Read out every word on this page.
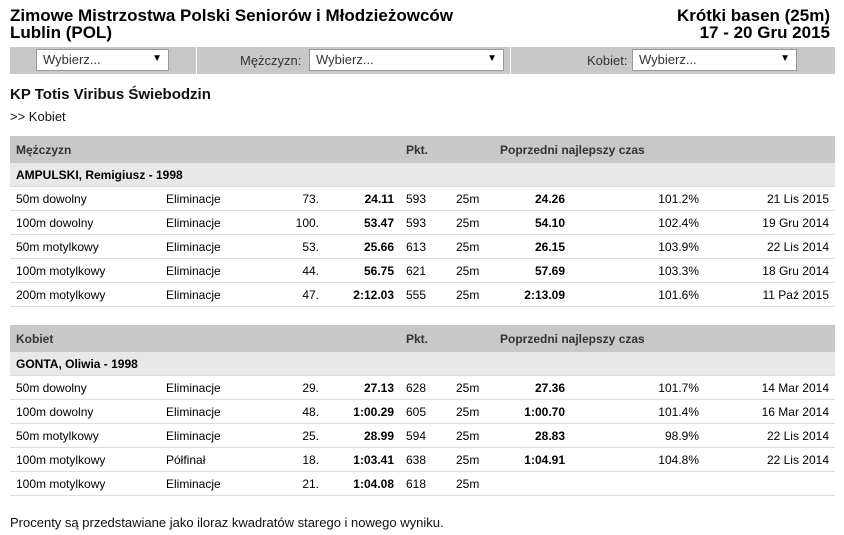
Zimowe Mistrzostwa Polski Seniorów i Młodzieżowców
Lublin (POL)
Krótki basen (25m)
17 - 20 Gru 2015
Wybierz...	▼	Mężczyzn:	Wybierz...	▼	Kobiet: Wybierz...	▼
KP Totis Viribus Świebodzin
>> Kobiet
Mężczyzn				Pkt.	Poprzedni najlepszy czas			
AMPULSKI, Remigiusz - 1998								
50m dowolny	Eliminacje	73.	24.11	593	25m	24.26	101.2%	21 Lis 2015
100m dowolny	Eliminacje	100.	53.47	593	25m	54.10	102.4%	19 Gru 2014
50m motylkowy	Eliminacje	53.	25.66	613	25m	26.15	103.9%	22 Lis 2014
100m motylkowy	Eliminacje	44.	56.75	621	25m	57.69	103.3%	18 Gru 2014
200m motylkowy	Eliminacje	47.	2:12.03	555	25m	2:13.09	101.6%	11 Paź 2015
Kobiet				Pkt.	Poprzedni najlepszy czas			
GONTA, Oliwia - 1998								
50m dowolny	Eliminacje	29.	27.13	628	25m	27.36	101.7%	14 Mar 2014
100m dowolny	Eliminacje	48.	1:00.29	605	25m	1:00.70	101.4%	16 Mar 2014
50m motylkowy	Eliminacje	25.	28.99	594	25m	28.83	98.9%	22 Lis 2014
100m motylkowy	Półfinał	18.	1:03.41	638	25m	1:04.91	104.8%	22 Lis 2014
100m motylkowy	Eliminacje	21.	1:04.08	618	25m			
Procenty są przedstawiane jako iloraz kwadratów starego i nowego wyniku.
